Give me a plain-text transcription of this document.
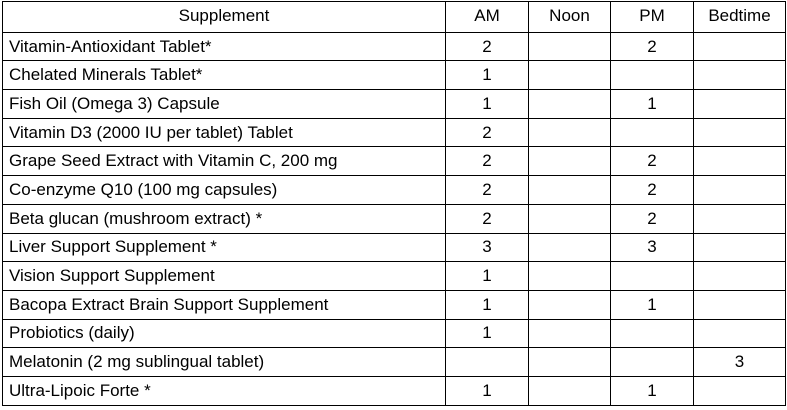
Supplement	AM	Noon	PM	Bedtime
Vitamin-Antioxidant Tablet*	2		2	
Chelated Minerals Tablet*	1			
Fish Oil (Omega 3) Capsule	1		1	
Vitamin D3 (2000 IU per tablet) Tablet	2			
Grape Seed Extract with Vitamin C, 200 mg	2		2	
Co-enzyme Q10 (100 mg capsules)	2		2	
Beta glucan (mushroom extract) *	2		2	
Liver Support Supplement *	3		3	
Vision Support Supplement	1			
Bacopa Extract Brain Support Supplement	1		1	
Probiotics (daily)	1			
Melatonin (2 mg sublingual tablet)				3
Ultra-Lipoic Forte *	1		1	
